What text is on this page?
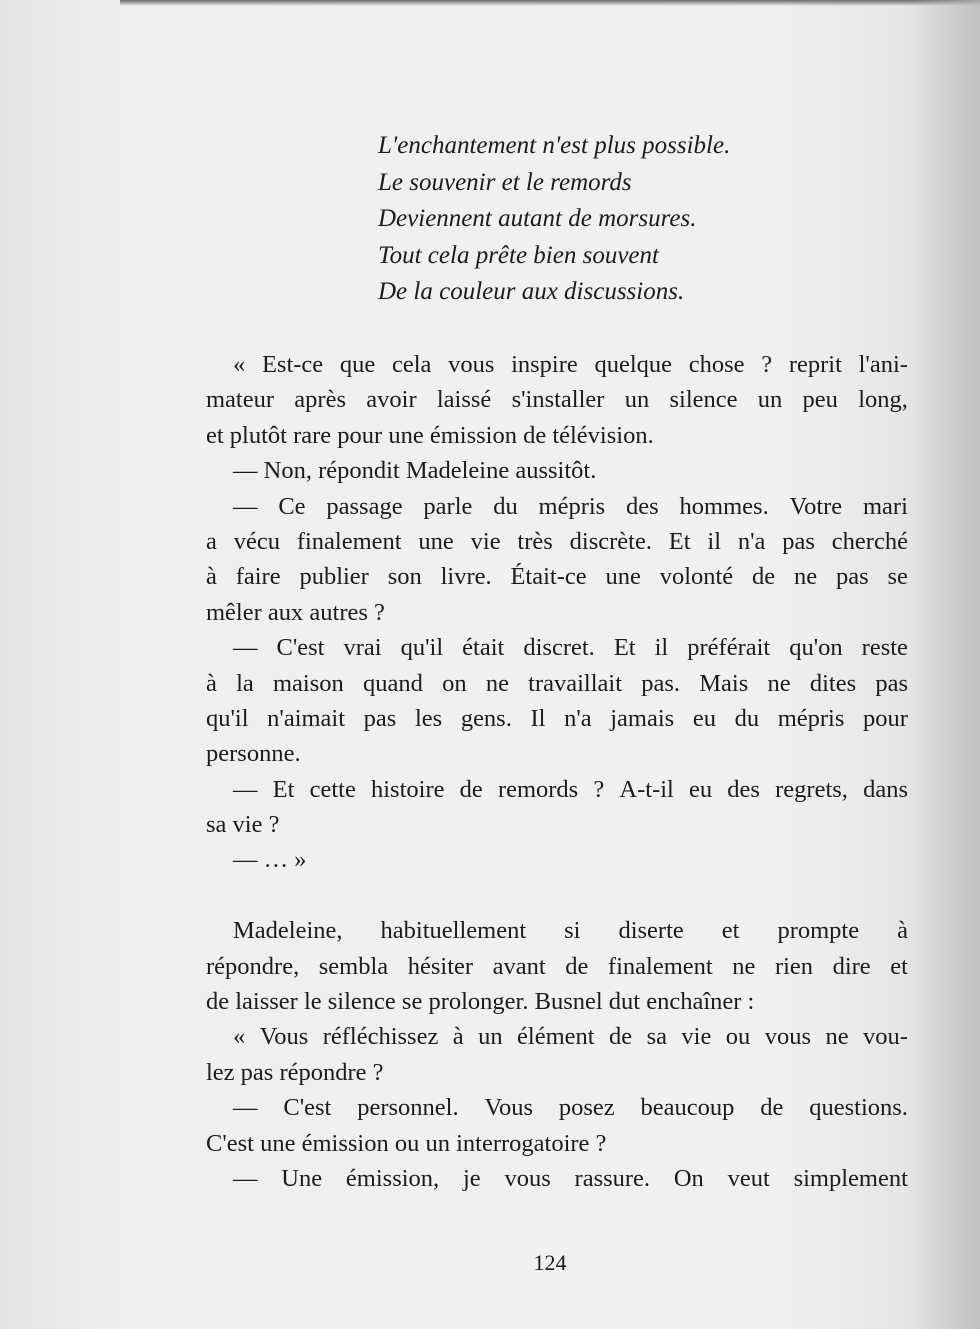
L'enchantement n'est plus possible.
Le souvenir et le remords
Deviennent autant de morsures.
Tout cela prête bien souvent
De la couleur aux discussions.
« Est-ce que cela vous inspire quelque chose ? reprit l'ani-
mateur après avoir laissé s'installer un silence un peu long,
et plutôt rare pour une émission de télévision.
— Non, répondit Madeleine aussitôt.
— Ce passage parle du mépris des hommes. Votre mari
a vécu finalement une vie très discrète. Et il n'a pas cherché
à faire publier son livre. Était-ce une volonté de ne pas se
mêler aux autres ?
— C'est vrai qu'il était discret. Et il préférait qu'on reste
à la maison quand on ne travaillait pas. Mais ne dites pas
qu'il n'aimait pas les gens. Il n'a jamais eu du mépris pour
personne.
— Et cette histoire de remords ? A-t-il eu des regrets, dans
sa vie ?
— … »
Madeleine, habituellement si diserte et prompte à
répondre, sembla hésiter avant de finalement ne rien dire et
de laisser le silence se prolonger. Busnel dut enchaîner :
« Vous réfléchissez à un élément de sa vie ou vous ne vou-
lez pas répondre ?
— C'est personnel. Vous posez beaucoup de questions.
C'est une émission ou un interrogatoire ?
— Une émission, je vous rassure. On veut simplement
124
